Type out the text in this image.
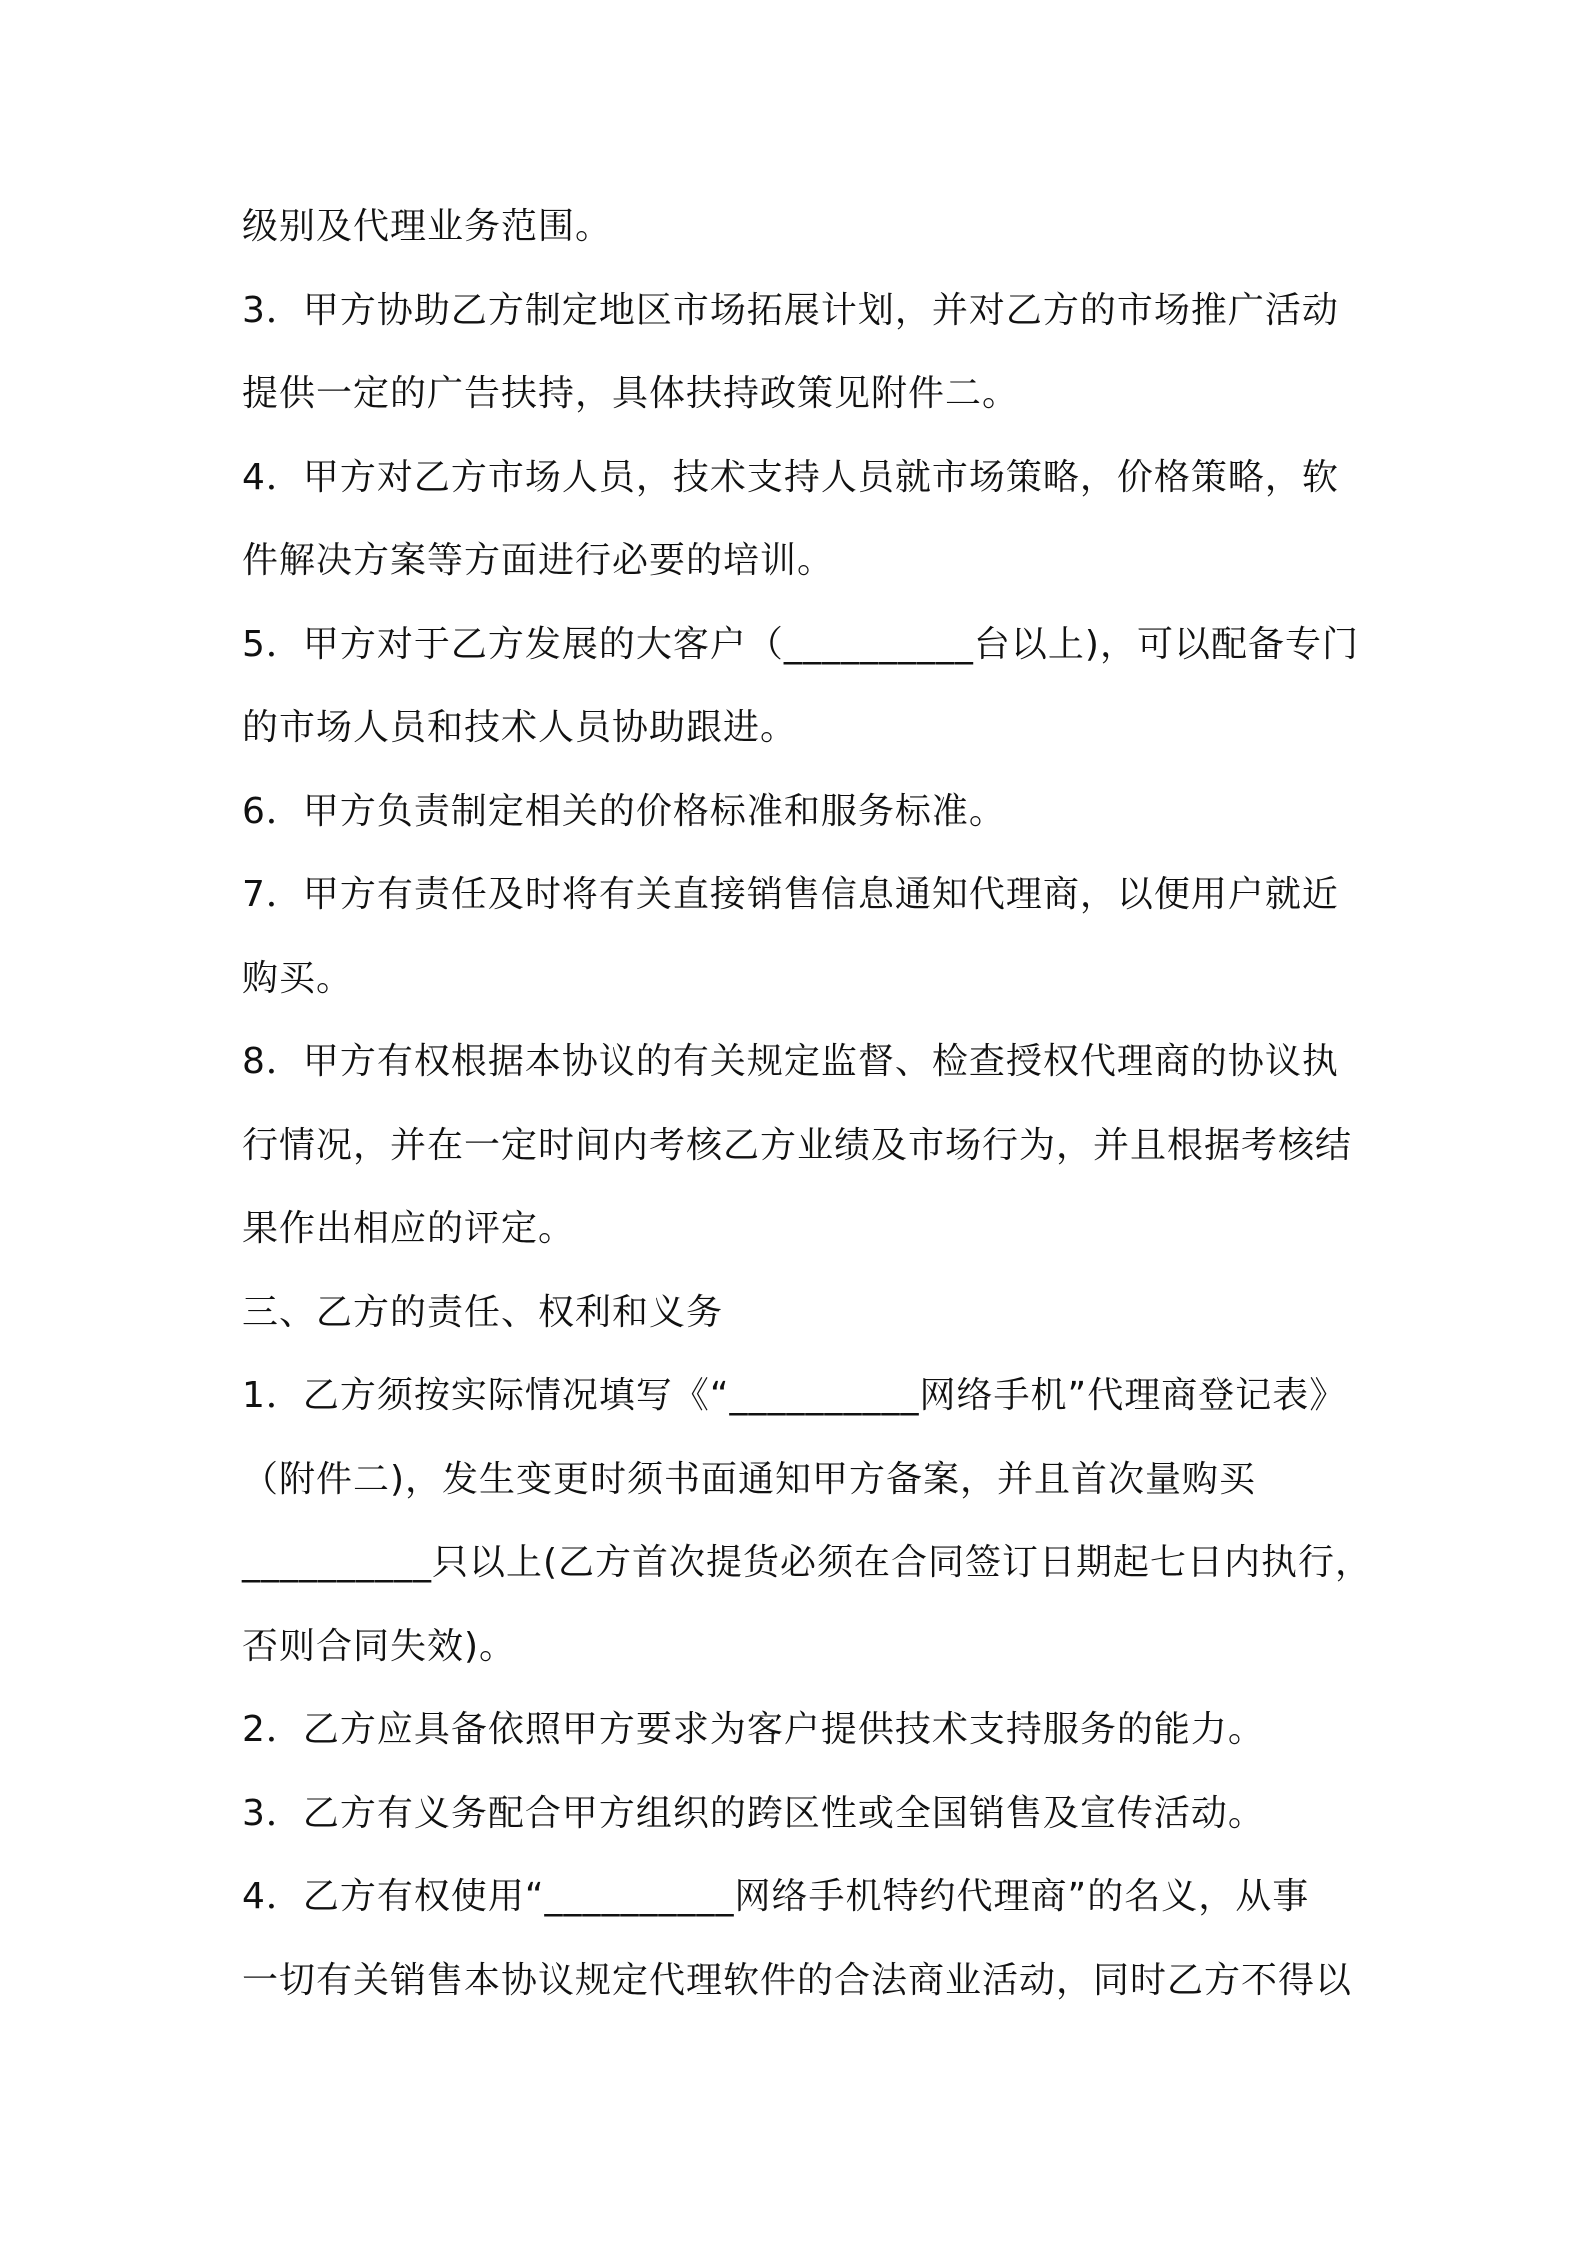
级别及代理业务范围。
3．甲方协助乙方制定地区市场拓展计划，并对乙方的市场推广活动
提供一定的广告扶持，具体扶持政策见附件二。
4．甲方对乙方市场人员，技术支持人员就市场策略，价格策略，软
件解决方案等方面进行必要的培训。
5．甲方对于乙方发展的大客户（__________台以上)，可以配备专门
的市场人员和技术人员协助跟进。
6．甲方负责制定相关的价格标准和服务标准。
7．甲方有责任及时将有关直接销售信息通知代理商，以便用户就近
购买。
8．甲方有权根据本协议的有关规定监督、检查授权代理商的协议执
行情况，并在一定时间内考核乙方业绩及市场行为，并且根据考核结
果作出相应的评定。
三、乙方的责任、权利和义务
1．乙方须按实际情况填写《“__________网络手机”代理商登记表》
（附件二)，发生变更时须书面通知甲方备案，并且首次量购买
__________只以上(乙方首次提货必须在合同签订日期起七日内执行，
否则合同失效)。
2．乙方应具备依照甲方要求为客户提供技术支持服务的能力。
3．乙方有义务配合甲方组织的跨区性或全国销售及宣传活动。
4．乙方有权使用“__________网络手机特约代理商”的名义，从事
一切有关销售本协议规定代理软件的合法商业活动，同时乙方不得以
